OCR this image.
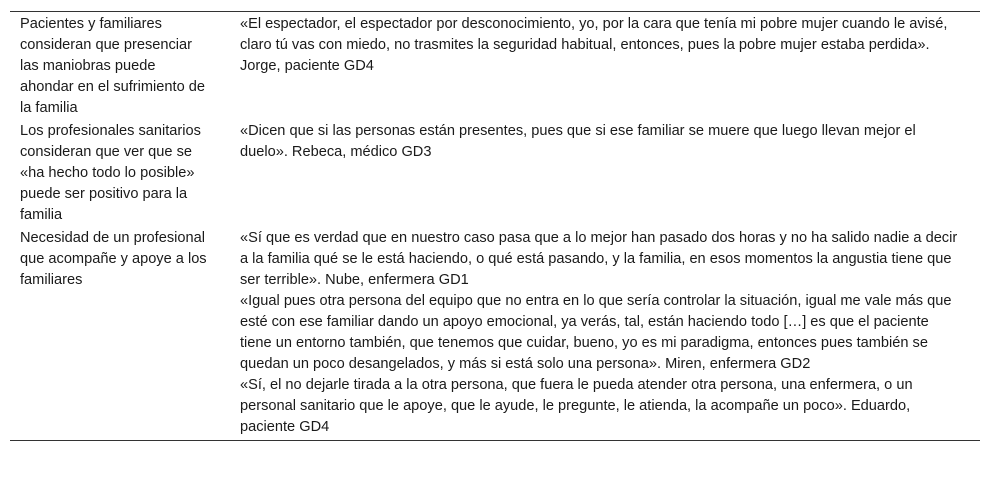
Pacientes y familiares consideran que presenciar las maniobras puede ahondar en el sufrimiento de la familia	«El espectador, el espectador por desconocimiento, yo, por la cara que tenía mi pobre mujer cuando le avisé, claro tú vas con miedo, no trasmites la seguridad habitual, entonces, pues la pobre mujer estaba perdida». Jorge, paciente GD4

Los profesionales sanitarios consideran que ver que se «ha hecho todo lo posible» puede ser positivo para la familia	«Dicen que si las personas están presentes, pues que si ese familiar se muere que luego llevan mejor el duelo». Rebeca, médico GD3

Necesidad de un profesional que acompañe y apoye a los familiares	«Sí que es verdad que en nuestro caso pasa que a lo mejor han pasado dos horas y no ha salido nadie a decir a la familia qué se le está haciendo, o qué está pasando, y la familia, en esos momentos la angustia tiene que ser terrible». Nube, enfermera GD1
«Igual pues otra persona del equipo que no entra en lo que sería controlar la situación, igual me vale más que esté con ese familiar dando un apoyo emocional, ya verás, tal, están haciendo todo […] es que el paciente tiene un entorno también, que tenemos que cuidar, bueno, yo es mi paradigma, entonces pues también se quedan un poco desangelados, y más si está solo una persona». Miren, enfermera GD2
«Sí, el no dejarle tirada a la otra persona, que fuera le pueda atender otra persona, una enfermera, o un personal sanitario que le apoye, que le ayude, le pregunte, le atienda, la acompañe un poco». Eduardo, paciente GD4
